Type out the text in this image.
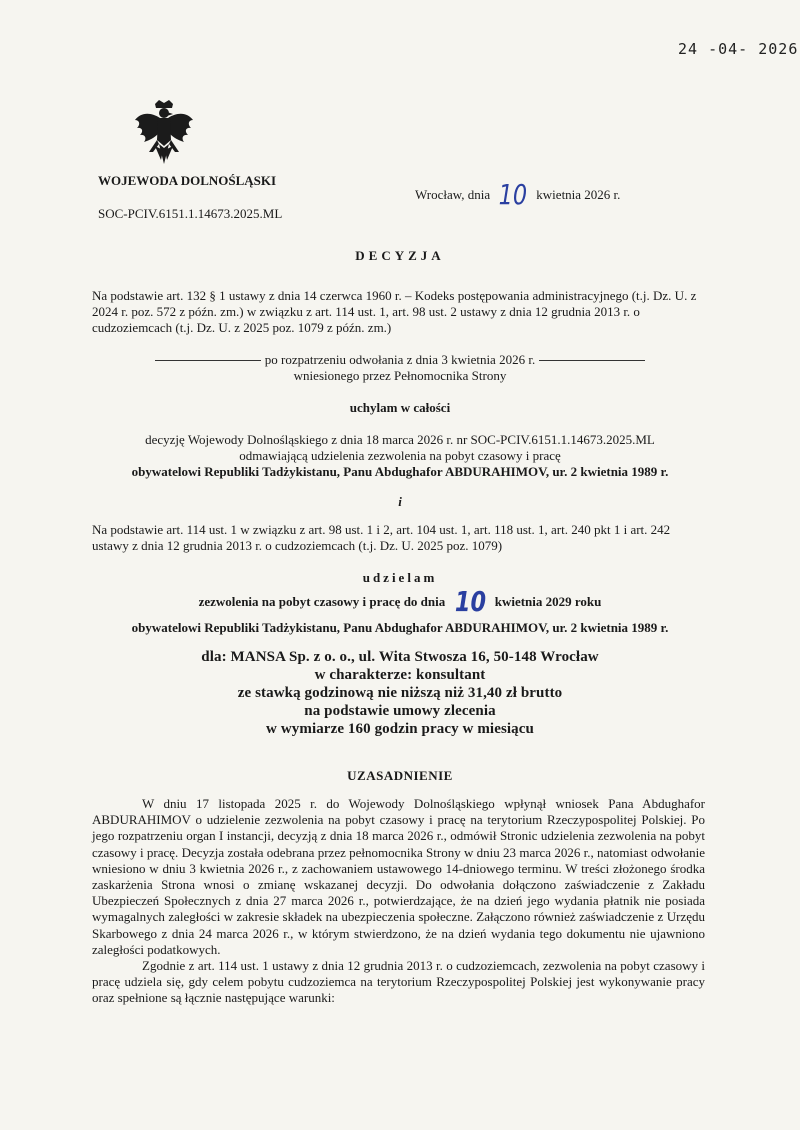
24 -04- 2026
WOJEWODA DOLNOŚLĄSKI
Wrocław, dnia 10 kwietnia 2026 r.
SOC-PCIV.6151.1.14673.2025.ML
DECYZJA
Na podstawie art. 132 § 1 ustawy z dnia 14 czerwca 1960 r. – Kodeks postępowania administracyjnego (t.j. Dz. U. z 2024 r. poz. 572 z późn. zm.) w związku z art. 114 ust. 1, art. 98 ust. 2 ustawy z dnia 12 grudnia 2013 r. o cudzoziemcach (t.j. Dz. U. z 2025 poz. 1079 z późn. zm.)
po rozpatrzeniu odwołania z dnia 3 kwietnia 2026 r.
wniesionego przez Pełnomocnika Strony
uchylam w całości
decyzję Wojewody Dolnośląskiego z dnia 18 marca 2026 r. nr SOC-PCIV.6151.1.14673.2025.ML
odmawiającą udzielenia zezwolenia na pobyt czasowy i pracę
obywatelowi Republiki Tadżykistanu, Panu Abdughafor ABDURAHIMOV, ur. 2 kwietnia 1989 r.
i
Na podstawie art. 114 ust. 1 w związku z art. 98 ust. 1 i 2, art. 104 ust. 1, art. 118 ust. 1, art. 240 pkt 1 i art. 242 ustawy z dnia 12 grudnia 2013 r. o cudzoziemcach (t.j. Dz. U. 2025 poz. 1079)
udzielam
zezwolenia na pobyt czasowy i pracę do dnia 10 kwietnia 2029 roku
obywatelowi Republiki Tadżykistanu, Panu Abdughafor ABDURAHIMOV, ur. 2 kwietnia 1989 r.
dla: MANSA Sp. z o. o., ul. Wita Stwosza 16, 50-148 Wrocław
w charakterze: konsultant
ze stawką godzinową nie niższą niż 31,40 zł brutto
na podstawie umowy zlecenia
w wymiarze 160 godzin pracy w miesiącu
UZASADNIENIE

W dniu 17 listopada 2025 r. do Wojewody Dolnośląskiego wpłynął wniosek Pana Abdughafor ABDURAHIMOV o udzielenie zezwolenia na pobyt czasowy i pracę na terytorium Rzeczypospolitej Polskiej. Po jego rozpatrzeniu organ I instancji, decyzją z dnia 18 marca 2026 r., odmówił Stronic udzielenia zezwolenia na pobyt czasowy i pracę. Decyzja została odebrana przez pełnomocnika Strony w dniu 23 marca 2026 r., natomiast odwołanie wniesiono w dniu 3 kwietnia 2026 r., z zachowaniem ustawowego 14-dniowego terminu. W treści złożonego środka zaskarżenia Strona wnosi o zmianę wskazanej decyzji. Do odwołania dołączono zaświadczenie z Zakładu Ubezpieczeń Społecznych z dnia 27 marca 2026 r., potwierdzające, że na dzień jego wydania płatnik nie posiada wymagalnych zaległości w zakresie składek na ubezpieczenia społeczne. Załączono również zaświadczenie z Urzędu Skarbowego z dnia 24 marca 2026 r., w którym stwierdzono, że na dzień wydania tego dokumentu nie ujawniono zaległości podatkowych.

Zgodnie z art. 114 ust. 1 ustawy z dnia 12 grudnia 2013 r. o cudzoziemcach, zezwolenia na pobyt czasowy i pracę udziela się, gdy celem pobytu cudzoziemca na terytorium Rzeczypospolitej Polskiej jest wykonywanie pracy oraz spełnione są łącznie następujące warunki:
